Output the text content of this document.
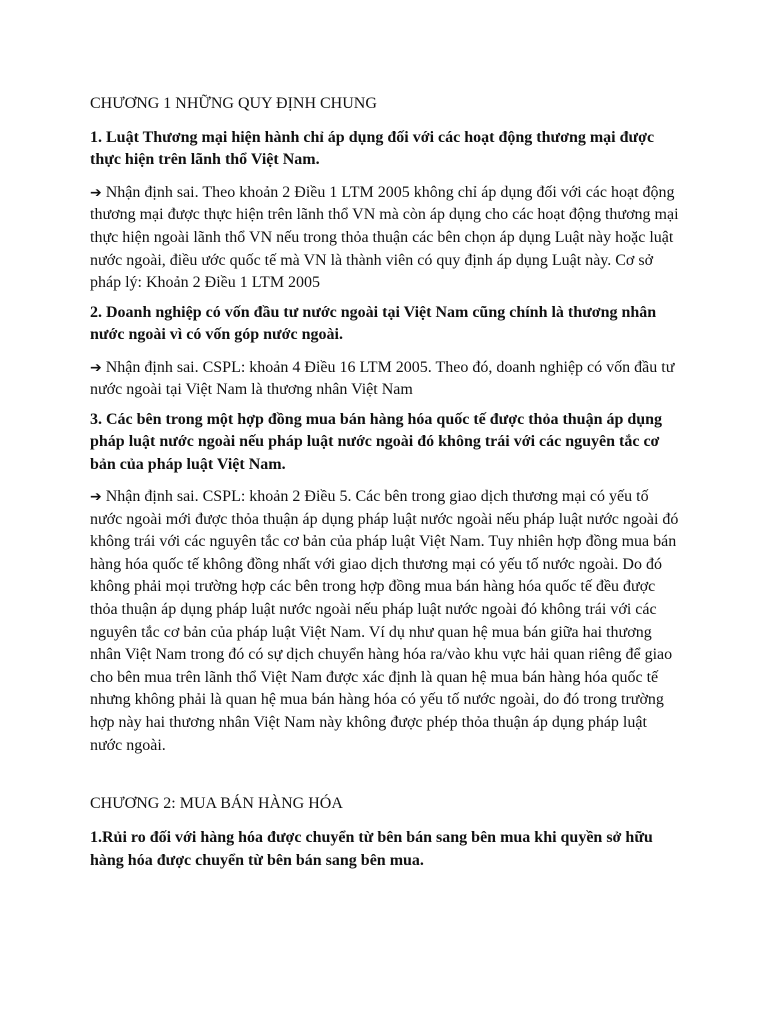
CHƯƠNG 1 NHỮNG QUY ĐỊNH CHUNG
1. Luật Thương mại hiện hành chỉ áp dụng đối với các hoạt động thương mại được thực hiện trên lãnh thổ Việt Nam.
➔ Nhận định sai. Theo khoản 2 Điều 1 LTM 2005 không chỉ áp dụng đối với các hoạt động thương mại được thực hiện trên lãnh thổ VN mà còn áp dụng cho các hoạt động thương mại thực hiện ngoài lãnh thổ VN nếu trong thỏa thuận các bên chọn áp dụng Luật này hoặc luật nước ngoài, điều ước quốc tế mà VN là thành viên có quy định áp dụng Luật này. Cơ sở pháp lý: Khoản 2 Điều 1 LTM 2005
2. Doanh nghiệp có vốn đầu tư nước ngoài tại Việt Nam cũng chính là thương nhân nước ngoài vì có vốn góp nước ngoài.
➔ Nhận định sai. CSPL: khoản 4 Điều 16 LTM 2005. Theo đó, doanh nghiệp có vốn đầu tư nước ngoài tại Việt Nam là thương nhân Việt Nam
3. Các bên trong một hợp đồng mua bán hàng hóa quốc tế được thỏa thuận áp dụng pháp luật nước ngoài nếu pháp luật nước ngoài đó không trái với các nguyên tắc cơ bản của pháp luật Việt Nam.
➔ Nhận định sai. CSPL: khoản 2 Điều 5. Các bên trong giao dịch thương mại có yếu tố nước ngoài mới được thỏa thuận áp dụng pháp luật nước ngoài nếu pháp luật nước ngoài đó không trái với các nguyên tắc cơ bản của pháp luật Việt Nam. Tuy nhiên hợp đồng mua bán hàng hóa quốc tế không đồng nhất với giao dịch thương mại có yếu tố nước ngoài. Do đó không phải mọi trường hợp các bên trong hợp đồng mua bán hàng hóa quốc tế đều được thỏa thuận áp dụng pháp luật nước ngoài nếu pháp luật nước ngoài đó không trái với các nguyên tắc cơ bản của pháp luật Việt Nam. Ví dụ như quan hệ mua bán giữa hai thương nhân Việt Nam trong đó có sự dịch chuyển hàng hóa ra/vào khu vực hải quan riêng để giao cho bên mua trên lãnh thổ Việt Nam được xác định là quan hệ mua bán hàng hóa quốc tế nhưng không phải là quan hệ mua bán hàng hóa có yếu tố nước ngoài, do đó trong trường hợp này hai thương nhân Việt Nam này không được phép thỏa thuận áp dụng pháp luật nước ngoài.
CHƯƠNG 2: MUA BÁN HÀNG HÓA
1.Rủi ro đối với hàng hóa được chuyển từ bên bán sang bên mua khi quyền sở hữu hàng hóa được chuyển từ bên bán sang bên mua.
